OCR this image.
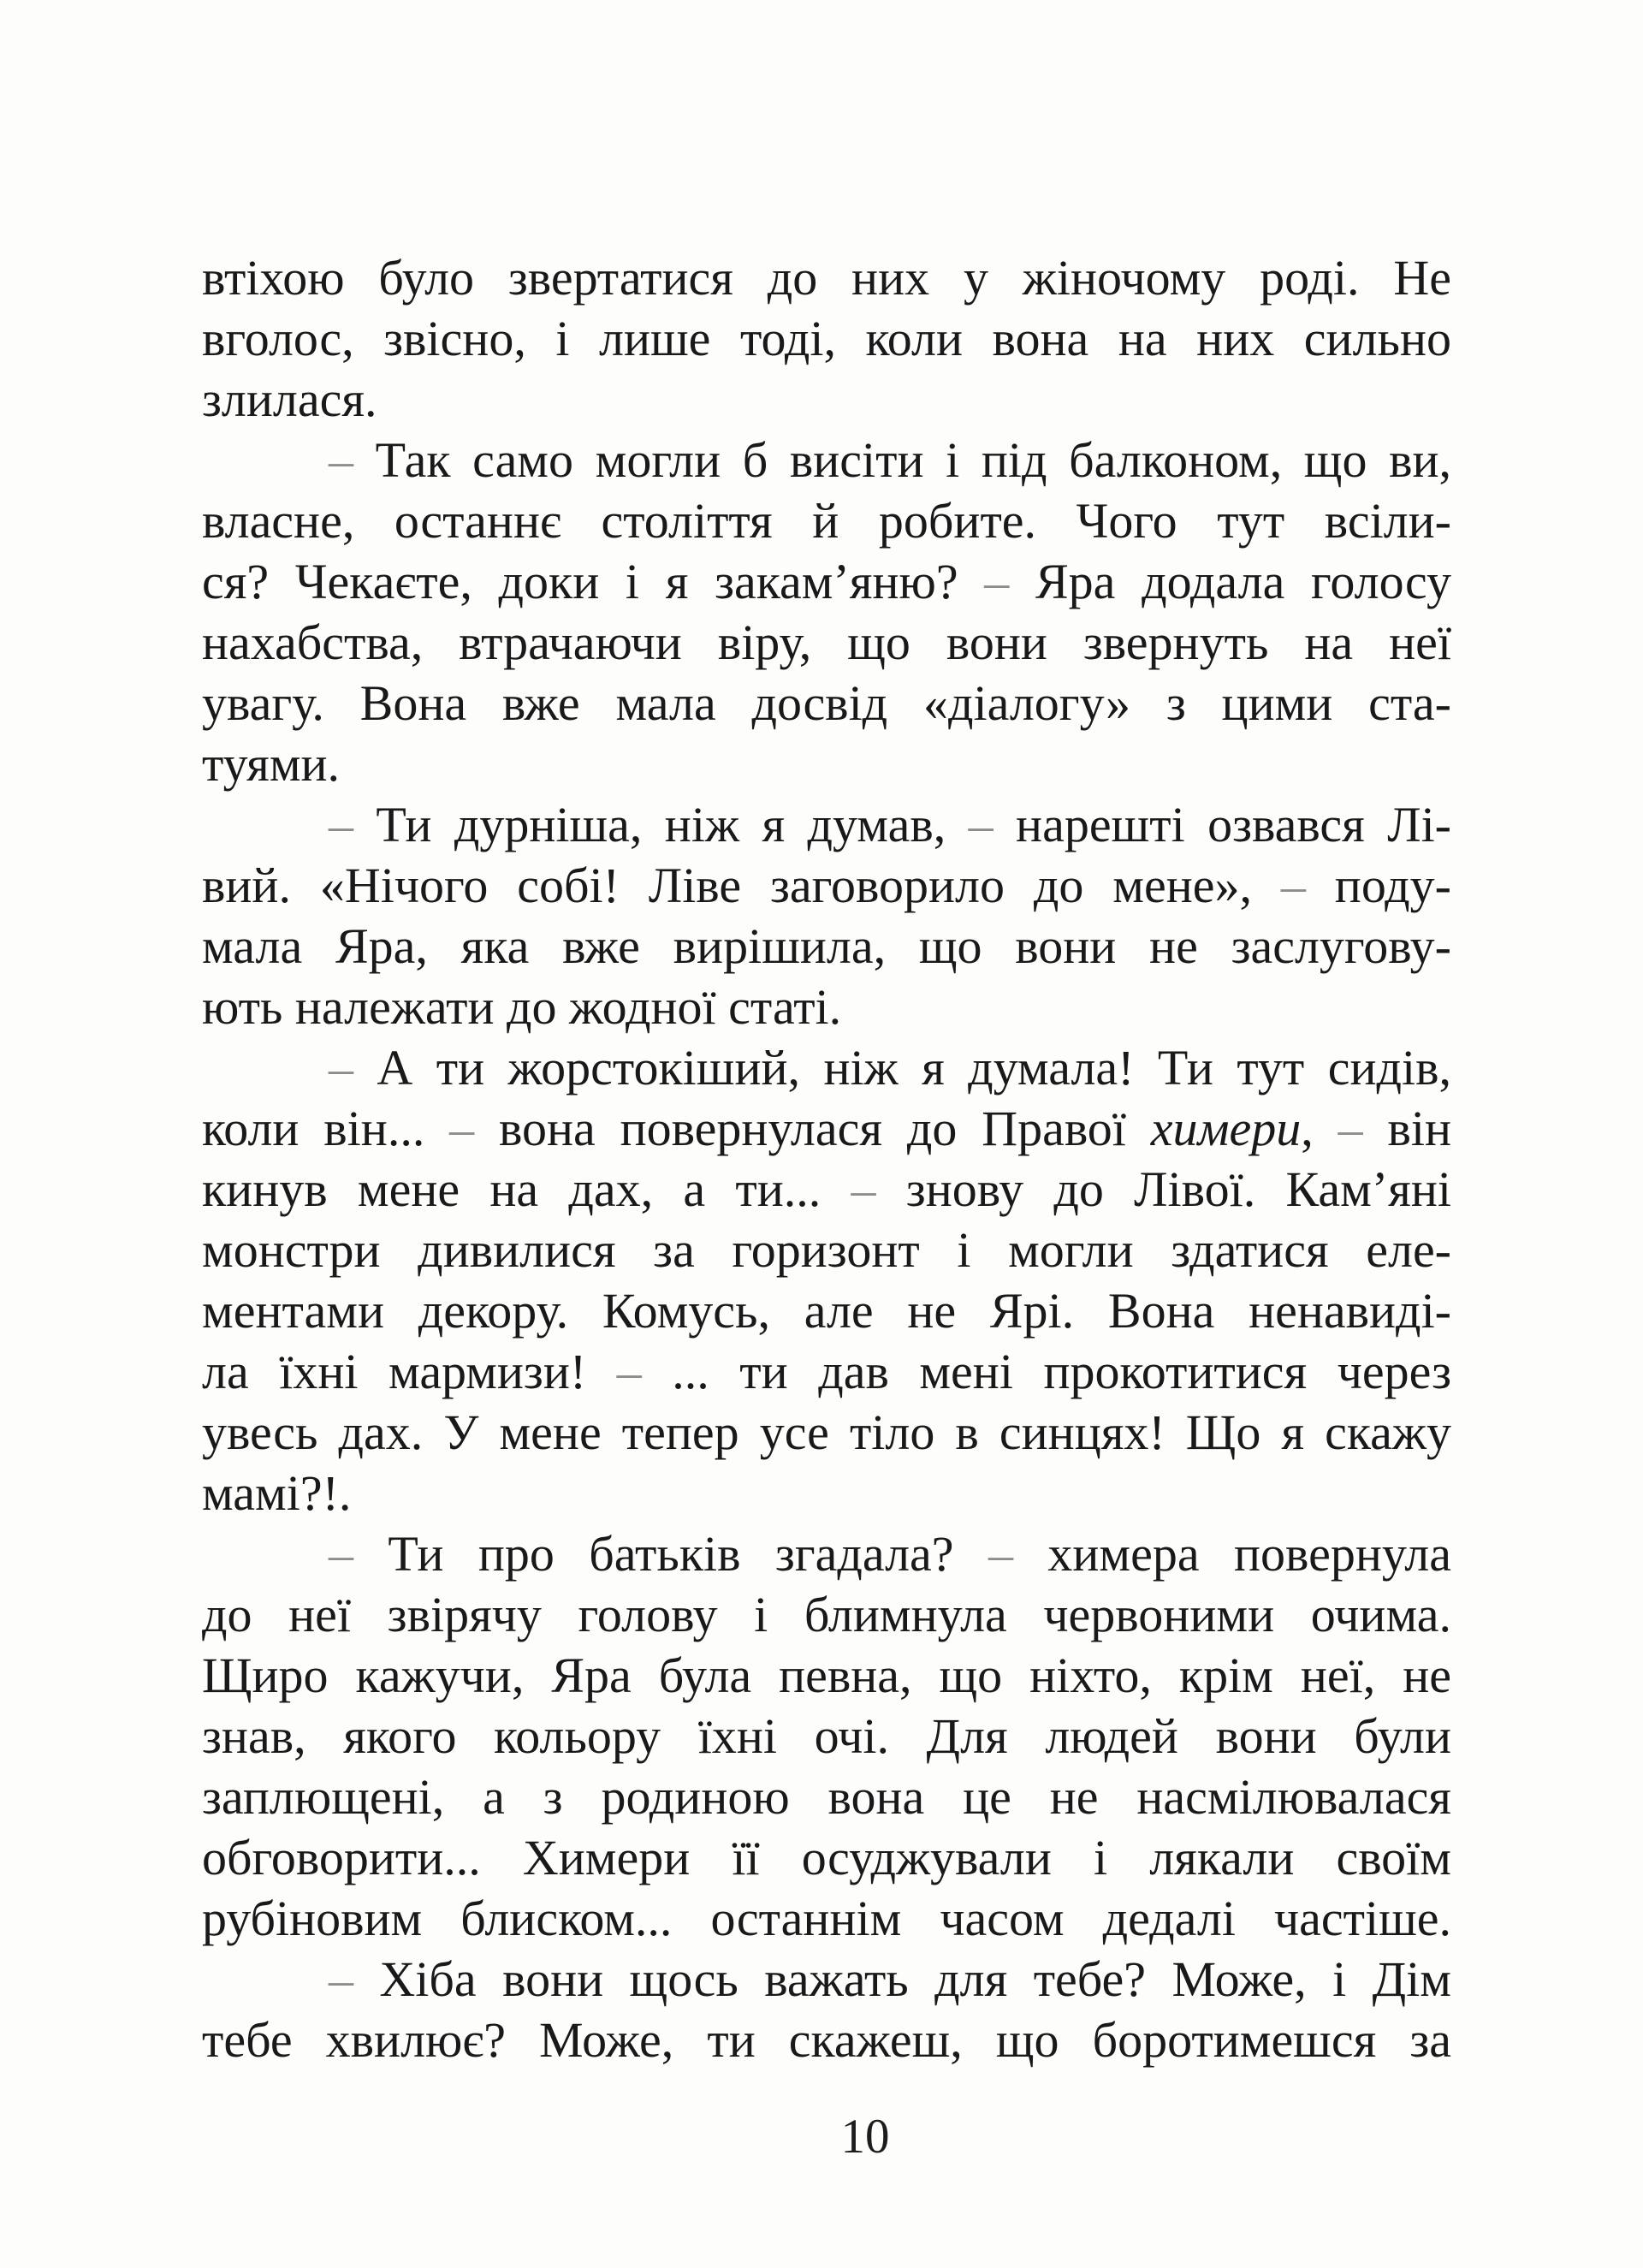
втіхою було звертатися до них у жіночому роді. Не
вголос, звісно, і лише тоді, коли вона на них сильно
злилася.
– Так само могли б висіти і під балконом, що ви,
власне, останнє століття й робите. Чого тут всіли-
ся? Чекаєте, доки і я закамʼяню? – Яра додала голосу
нахабства, втрачаючи віру, що вони звернуть на неї
увагу. Вона вже мала досвід «діалогу» з цими ста-
туями.
– Ти дурніша, ніж я думав, – нарешті озвався Лі-
вий. «Нічого собі! Ліве заговорило до мене», – поду-
мала Яра, яка вже вирішила, що вони не заслугову-
ють належати до жодної статі.
– А ти жорстокіший, ніж я думала! Ти тут сидів,
коли він... – вона повернулася до Правої химери, – він
кинув мене на дах, а ти... – знову до Лівої. Камʼяні
монстри дивилися за горизонт і могли здатися еле-
ментами декору. Комусь, але не Ярі. Вона ненавиді-
ла їхні мармизи! – ... ти дав мені прокотитися через
увесь дах. У мене тепер усе тіло в синцях! Що я скажу
мамі?!.
– Ти про батьків згадала? – химера повернула
до неї звірячу голову і блимнула червоними очима.
Щиро кажучи, Яра була певна, що ніхто, крім неї, не
знав, якого кольору їхні очі. Для людей вони були
заплющені, а з родиною вона це не насмілювалася
обговорити... Химери її осуджували і лякали своїм
рубіновим блиском... останнім часом дедалі частіше.
– Хіба вони щось важать для тебе? Може, і Дім
тебе хвилює? Може, ти скажеш, що боротимешся за
10
